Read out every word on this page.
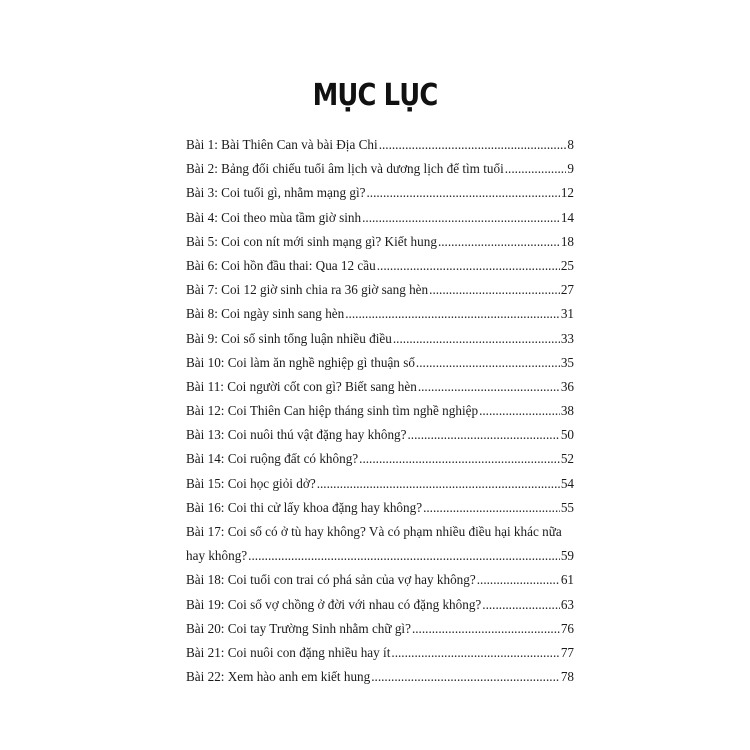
MỤC LỤC
Bài 1: Bài Thiên Can và bài Địa Chi .....	8
Bài 2: Bảng đối chiếu tuổi âm lịch và dương lịch để tìm tuổi .....	9
Bài 3: Coi tuổi gì, nhằm mạng gì? .....	12
Bài 4: Coi theo mùa tầm giờ sinh .....	14
Bài 5: Coi con nít mới sinh mạng gì? Kiết hung .....	18
Bài 6: Coi hồn đầu thai: Qua 12 cầu .....	25
Bài 7: Coi 12 giờ sinh chia ra 36 giờ sang hèn .....	27
Bài 8: Coi ngày sinh sang hèn .....	31
Bài 9: Coi số sinh tổng luận nhiều điều .....	33
Bài 10: Coi làm ăn nghề nghiệp gì thuận số .....	35
Bài 11: Coi người cốt con gì? Biết sang hèn .....	36
Bài 12: Coi Thiên Can hiệp tháng sinh tìm nghề nghiệp .....	38
Bài 13: Coi nuôi thú vật đặng hay không? .....	50
Bài 14: Coi ruộng đất có không? .....	52
Bài 15: Coi học giỏi dở? .....	54
Bài 16: Coi thi cử lấy khoa đặng hay không? .....	55
Bài 17: Coi số có ở tù hay không? Và có phạm nhiều điều hại khác nữa
hay không? .....	59
Bài 18: Coi tuổi con trai có phá sản của vợ hay không? .....	61
Bài 19: Coi số vợ chồng ở đời với nhau có đặng không? .....	63
Bài 20: Coi tay Trường Sinh nhằm chữ gì? .....	76
Bài 21: Coi nuôi con đặng nhiều hay ít .....	77
Bài 22: Xem hào anh em kiết hung .....	78
